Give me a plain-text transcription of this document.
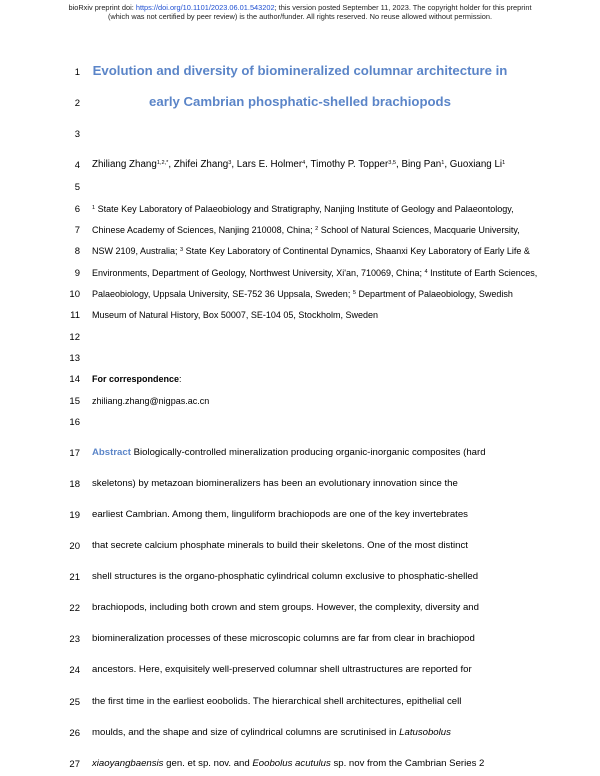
bioRxiv preprint doi: https://doi.org/10.1101/2023.06.01.543202; this version posted September 11, 2023. The copyright holder for this preprint
(which was not certified by peer review) is the author/funder. All rights reserved. No reuse allowed without permission.
1
2
3
4
5
6
7
8
9
10
11
12
13
14
15
16
17
18
19
20
21
22
23
24
25
26
27
Evolution and diversity of biomineralized columnar architecture in
early Cambrian phosphatic-shelled brachiopods
Zhiliang Zhang$^{1,2,*}$, Zhifei Zhang$^3$, Lars E. Holmer$^4$, Timothy P. Topper$^{3,5}$, Bing Pan$^1$, Guoxiang Li$^1$
$^1$ State Key Laboratory of Palaeobiology and Stratigraphy, Nanjing Institute of Geology and Palaeontology,
Chinese Academy of Sciences, Nanjing 210008, China; $^2$ School of Natural Sciences, Macquarie University,
NSW 2109, Australia; $^3$ State Key Laboratory of Continental Dynamics, Shaanxi Key Laboratory of Early Life &
Environments, Department of Geology, Northwest University, Xi'an, 710069, China; $^4$ Institute of Earth Sciences,
Palaeobiology, Uppsala University, SE-752 36 Uppsala, Sweden; $^5$ Department of Palaeobiology, Swedish
Museum of Natural History, Box 50007, SE-104 05, Stockholm, Sweden
For correspondence:
zhiliang.zhang@nigpas.ac.cn
Abstract Biologically-controlled mineralization producing organic-inorganic composites (hard
skeletons) by metazoan biomineralizers has been an evolutionary innovation since the
earliest Cambrian. Among them, linguliform brachiopods are one of the key invertebrates
that secrete calcium phosphate minerals to build their skeletons. One of the most distinct
shell structures is the organo-phosphatic cylindrical column exclusive to phosphatic-shelled
brachiopods, including both crown and stem groups. However, the complexity, diversity and
biomineralization processes of these microscopic columns are far from clear in brachiopod
ancestors. Here, exquisitely well-preserved columnar shell ultrastructures are reported for
the first time in the earliest eoobolids. The hierarchical shell architectures, epithelial cell
moulds, and the shape and size of cylindrical columns are scrutinised in Latusobolus
xiaoyangbaensis gen. et sp. nov. and Eoobolus acutulus sp. nov from the Cambrian Series 2
